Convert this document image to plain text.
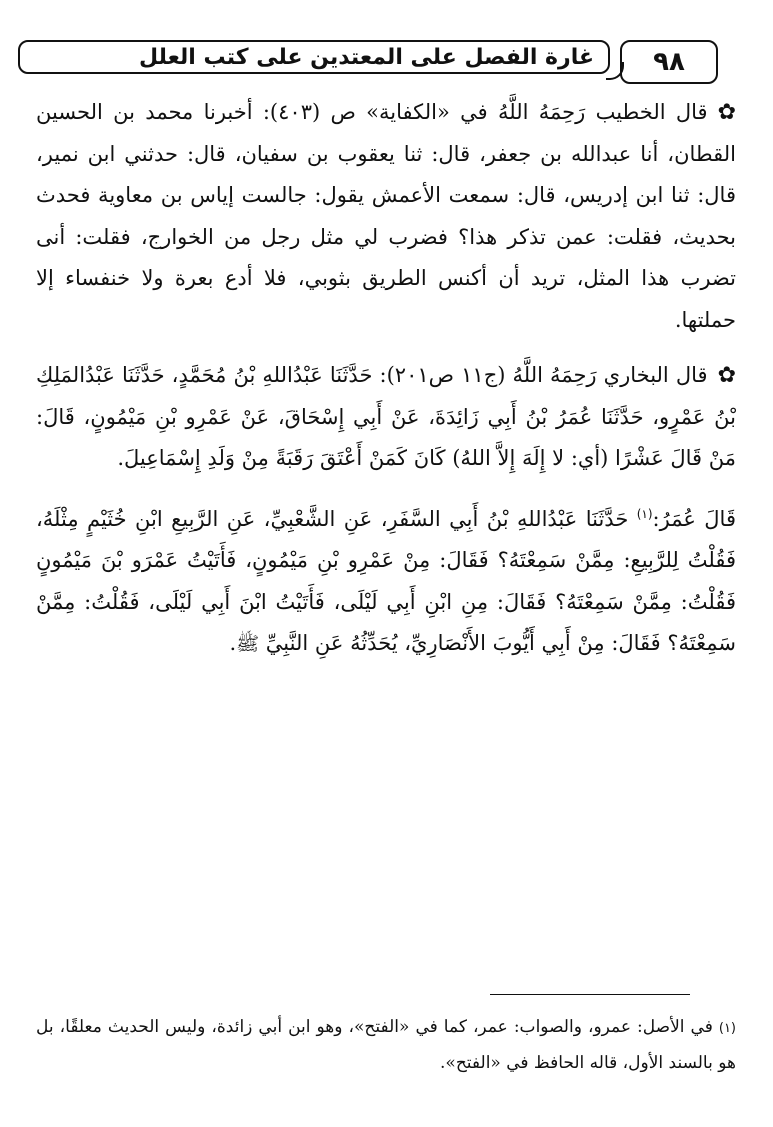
غارة الفصل على المعتدين على كتب العلل	٩٨

✿قال الخطيب رَحِمَهُ اللَّهُ في «الكفاية» ص (٤٠٣): أخبرنا محمد بن الحسين القطان، أنا عبدالله بن جعفر، قال: ثنا يعقوب بن سفيان، قال: حدثني ابن نمير، قال: ثنا ابن إدريس، قال: سمعت الأعمش يقول: جالست إياس بن معاوية فحدث بحديث، فقلت: عمن تذكر هذا؟ فضرب لي مثل رجل من الخوارج، فقلت: أنى تضرب هذا المثل، تريد أن أكنس الطريق بثوبي، فلا أدع بعرة ولا خنفساء إلا حملتها.

✿قال البخاري رَحِمَهُ اللَّهُ (ج١١ ص٢٠١): حَدَّثَنَا عَبْدُاللهِ بْنُ مُحَمَّدٍ، حَدَّثَنَا عَبْدُالمَلِكِ بْنُ عَمْرٍو، حَدَّثَنَا عُمَرُ بْنُ أَبِي زَائِدَةَ، عَنْ أَبِي إِسْحَاقَ، عَنْ عَمْرِو بْنِ مَيْمُونٍ، قَالَ: مَنْ قَالَ عَشْرًا (أي: لا إِلَهَ إِلاَّ اللهُ) كَانَ كَمَنْ أَعْتَقَ رَقَبَةً مِنْ وَلَدِ إِسْمَاعِيلَ.

قَالَ عُمَرُ:$^{(١)}$ حَدَّثَنَا عَبْدُاللهِ بْنُ أَبِي السَّفَرِ، عَنِ الشَّعْبِيِّ، عَنِ الرَّبِيعِ ابْنِ خُثَيْمٍ مِثْلَهُ، فَقُلْتُ لِلرَّبِيعِ: مِمَّنْ سَمِعْتَهُ؟ فَقَالَ: مِنْ عَمْرِو بْنِ مَيْمُونٍ، فَأَتَيْتُ عَمْرَو بْنَ مَيْمُونٍ فَقُلْتُ: مِمَّنْ سَمِعْتَهُ؟ فَقَالَ: مِنِ ابْنِ أَبِي لَيْلَى، فَأَتَيْتُ ابْنَ أَبِي لَيْلَى، فَقُلْتُ: مِمَّنْ سَمِعْتَهُ؟ فَقَالَ: مِنْ أَبِي أَيُّوبَ الأَنْصَارِيِّ، يُحَدِّثُهُ عَنِ النَّبِيِّ ﷺ.

(١)في الأصل: عمرو، والصواب: عمر، كما في «الفتح»، وهو ابن أبي زائدة، وليس الحديث معلقًا، بل هو بالسند الأول، قاله الحافظ في «الفتح».
